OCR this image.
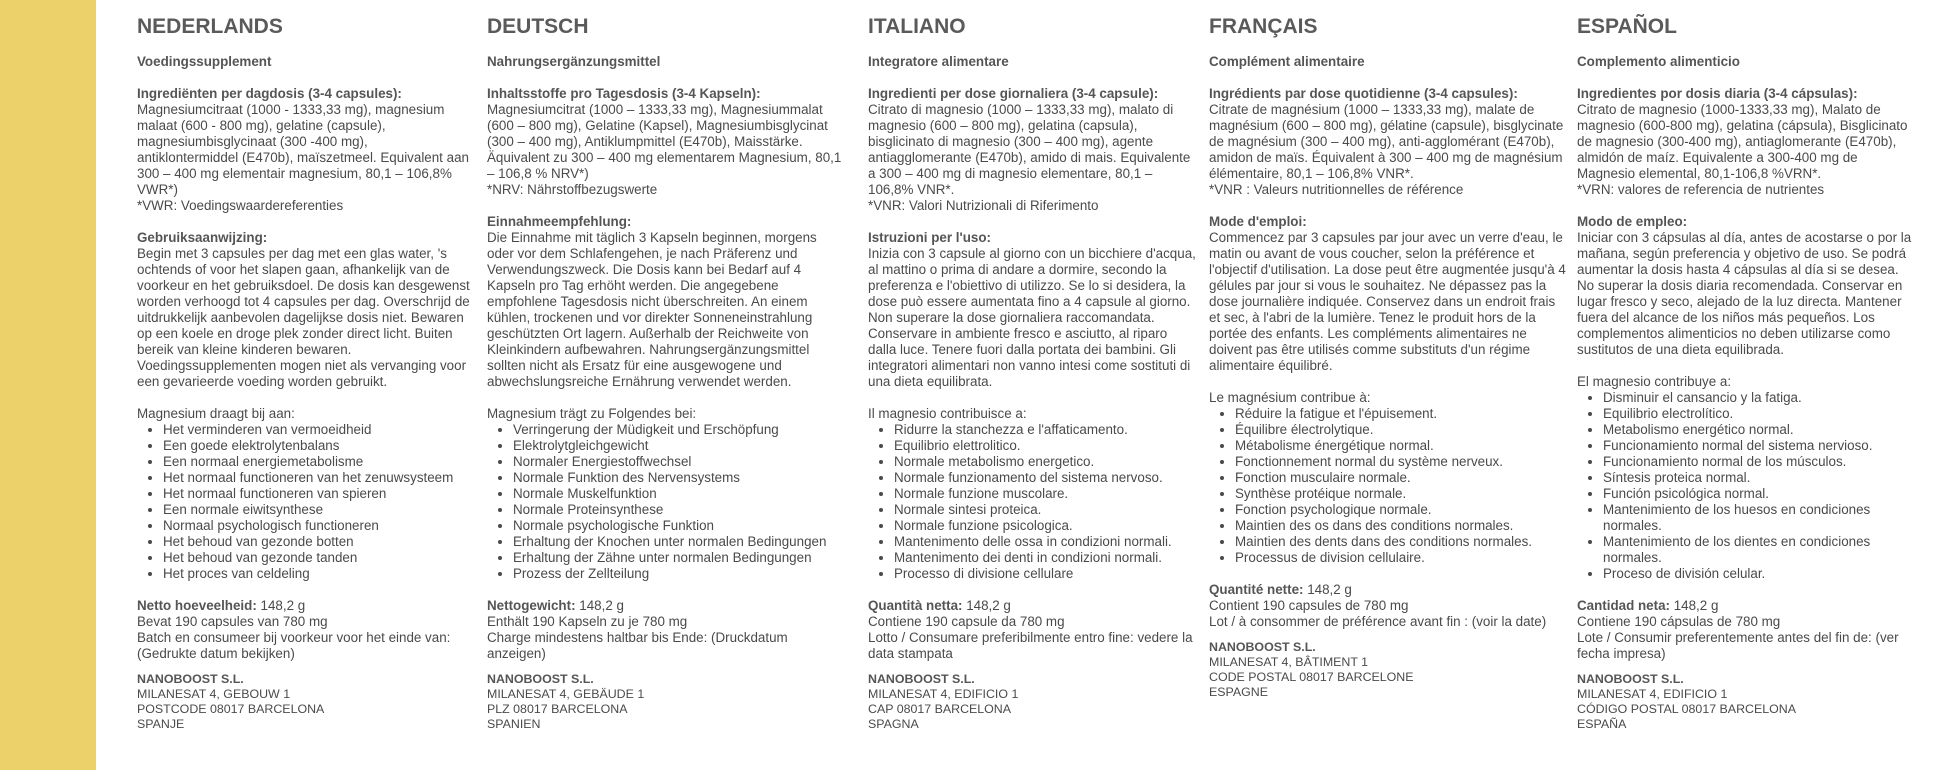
NEDERLANDS

Voedingssupplement

Ingrediënten per dagdosis (3-4 capsules):

Magnesiumcitraat (1000 - 1333,33 mg), magnesium malaat (600 - 800 mg), gelatine (capsule), magnesiumbisglycinaat (300 -400 mg), antiklontermiddel (E470b), maïszetmeel. Equivalent aan 300 – 400 mg elementair magnesium, 80,1 – 106,8% VWR*)

*VWR: Voedingswaardereferenties

Gebruiksaanwijzing:

Begin met 3 capsules per dag met een glas water, 's ochtends of voor het slapen gaan, afhankelijk van de voorkeur en het gebruiksdoel. De dosis kan desgewenst worden verhoogd tot 4 capsules per dag. Overschrijd de uitdrukkelijk aanbevolen dagelijkse dosis niet. Bewaren op een koele en droge plek zonder direct licht. Buiten bereik van kleine kinderen bewaren. Voedingssupplementen mogen niet als vervanging voor een gevarieerde voeding worden gebruikt.

Magnesium draagt bij aan:

• Het verminderen van vermoeidheid
• Een goede elektrolytenbalans
• Een normaal energiemetabolisme
• Het normaal functioneren van het zenuwsysteem
• Het normaal functioneren van spieren
• Een normale eiwitsynthese
• Normaal psychologisch functioneren
• Het behoud van gezonde botten
• Het behoud van gezonde tanden
• Het proces van celdeling

Netto hoeveelheid: 148,2 g

Bevat 190 capsules van 780 mg

Batch en consumeer bij voorkeur voor het einde van: (Gedrukte datum bekijken)

NANOBOOST S.L.

MILANESAT 4, GEBOUW 1

POSTCODE 08017 BARCELONA

SPANJE

DEUTSCH

Nahrungsergänzungsmittel

Inhaltsstoffe pro Tagesdosis (3-4 Kapseln):

Magnesiumcitrat (1000 – 1333,33 mg), Magnesiummalat (600 – 800 mg), Gelatine (Kapsel), Magnesiumbisglycinat (300 – 400 mg), Antiklumpmittel (E470b), Maisstärke. Äquivalent zu 300 – 400 mg elementarem Magnesium, 80,1 – 106,8 % NRV*)

*NRV: Nährstoffbezugswerte

Einnahmeempfehlung:

Die Einnahme mit täglich 3 Kapseln beginnen, morgens oder vor dem Schlafengehen, je nach Präferenz und Verwendungszweck. Die Dosis kann bei Bedarf auf 4 Kapseln pro Tag erhöht werden. Die angegebene empfohlene Tagesdosis nicht überschreiten. An einem kühlen, trockenen und vor direkter Sonneneinstrahlung geschützten Ort lagern. Außerhalb der Reichweite von Kleinkindern aufbewahren. Nahrungsergänzungsmittel sollten nicht als Ersatz für eine ausgewogene und abwechslungsreiche Ernährung verwendet werden.

Magnesium trägt zu Folgendes bei:

• Verringerung der Müdigkeit und Erschöpfung
• Elektrolytgleichgewicht
• Normaler Energiestoffwechsel
• Normale Funktion des Nervensystems
• Normale Muskelfunktion
• Normale Proteinsynthese
• Normale psychologische Funktion
• Erhaltung der Knochen unter normalen Bedingungen
• Erhaltung der Zähne unter normalen Bedingungen
• Prozess der Zellteilung

Nettogewicht: 148,2 g

Enthält 190 Kapseln zu je 780 mg

Charge mindestens haltbar bis Ende: (Druckdatum anzeigen)

NANOBOOST S.L.

MILANESAT 4, GEBÄUDE 1

PLZ 08017 BARCELONA

SPANIEN

ITALIANO

Integratore alimentare

Ingredienti per dose giornaliera (3-4 capsule):

Citrato di magnesio (1000 – 1333,33 mg), malato di magnesio (600 – 800 mg), gelatina (capsula), bisglicinato di magnesio (300 – 400 mg), agente antiagglomerante (E470b), amido di mais. Equivalente a 300 – 400 mg di magnesio elementare, 80,1 – 106,8% VNR*.

*VNR: Valori Nutrizionali di Riferimento

Istruzioni per l'uso:

Inizia con 3 capsule al giorno con un bicchiere d'acqua, al mattino o prima di andare a dormire, secondo la preferenza e l'obiettivo di utilizzo. Se lo si desidera, la dose può essere aumentata fino a 4 capsule al giorno. Non superare la dose giornaliera raccomandata. Conservare in ambiente fresco e asciutto, al riparo dalla luce. Tenere fuori dalla portata dei bambini. Gli integratori alimentari non vanno intesi come sostituti di una dieta equilibrata.

Il magnesio contribuisce a:

• Ridurre la stanchezza e l'affaticamento.
• Equilibrio elettrolitico.
• Normale metabolismo energetico.
• Normale funzionamento del sistema nervoso.
• Normale funzione muscolare.
• Normale sintesi proteica.
• Normale funzione psicologica.
• Mantenimento delle ossa in condizioni normali.
• Mantenimento dei denti in condizioni normali.
• Processo di divisione cellulare

Quantità netta: 148,2 g

Contiene 190 capsule da 780 mg

Lotto / Consumare preferibilmente entro fine: vedere la data stampata

NANOBOOST S.L.

MILANESAT 4, EDIFICIO 1

CAP 08017 BARCELONA

SPAGNA

FRANÇAIS

Complément alimentaire

Ingrédients par dose quotidienne (3-4 capsules):

Citrate de magnésium (1000 – 1333,33 mg), malate de magnésium (600 – 800 mg), gélatine (capsule), bisglycinate de magnésium (300 – 400 mg), anti-agglomérant (E470b), amidon de maïs. Équivalent à 300 – 400 mg de magnésium élémentaire, 80,1 – 106,8% VNR*.

*VNR : Valeurs nutritionnelles de référence

Mode d'emploi:

Commencez par 3 capsules par jour avec un verre d'eau, le matin ou avant de vous coucher, selon la préférence et l'objectif d'utilisation. La dose peut être augmentée jusqu'à 4 gélules par jour si vous le souhaitez. Ne dépassez pas la dose journalière indiquée. Conservez dans un endroit frais et sec, à l'abri de la lumière. Tenez le produit hors de la portée des enfants. Les compléments alimentaires ne doivent pas être utilisés comme substituts d'un régime alimentaire équilibré.

Le magnésium contribue à:

• Réduire la fatigue et l'épuisement.
• Équilibre électrolytique.
• Métabolisme énergétique normal.
• Fonctionnement normal du système nerveux.
• Fonction musculaire normale.
• Synthèse protéique normale.
• Fonction psychologique normale.
• Maintien des os dans des conditions normales.
• Maintien des dents dans des conditions normales.
• Processus de division cellulaire.

Quantité nette: 148,2 g

Contient 190 capsules de 780 mg

Lot / à consommer de préférence avant fin : (voir la date)

NANOBOOST S.L.

MILANESAT 4, BÂTIMENT 1

CODE POSTAL 08017 BARCELONE

ESPAGNE

ESPAÑOL

Complemento alimenticio

Ingredientes por dosis diaria (3-4 cápsulas):

Citrato de magnesio (1000-1333,33 mg), Malato de magnesio (600-800 mg), gelatina (cápsula), Bisglicinato de magnesio (300-400 mg), antiaglomerante (E470b), almidón de maíz. Equivalente a 300-400 mg de Magnesio elemental, 80,1-106,8 %VRN*.

*VRN: valores de referencia de nutrientes

Modo de empleo:

Iniciar con 3 cápsulas al día, antes de acostarse o por la mañana, según preferencia y objetivo de uso. Se podrá aumentar la dosis hasta 4 cápsulas al día si se desea. No superar la dosis diaria recomendada. Conservar en lugar fresco y seco, alejado de la luz directa. Mantener fuera del alcance de los niños más pequeños. Los complementos alimenticios no deben utilizarse como sustitutos de una dieta equilibrada.

El magnesio contribuye a:

• Disminuir el cansancio y la fatiga.
• Equilibrio electrolítico.
• Metabolismo energético normal.
• Funcionamiento normal del sistema nervioso.
• Funcionamiento normal de los músculos.
• Síntesis proteica normal.
• Función psicológica normal.
• Mantenimiento de los huesos en condiciones normales.
• Mantenimiento de los dientes en condiciones normales.
• Proceso de división celular.

Cantidad neta: 148,2 g

Contiene 190 cápsulas de 780 mg

Lote / Consumir preferentemente antes del fin de: (ver fecha impresa)

NANOBOOST S.L.

MILANESAT 4, EDIFICIO 1

CÓDIGO POSTAL 08017 BARCELONA

ESPAÑA
